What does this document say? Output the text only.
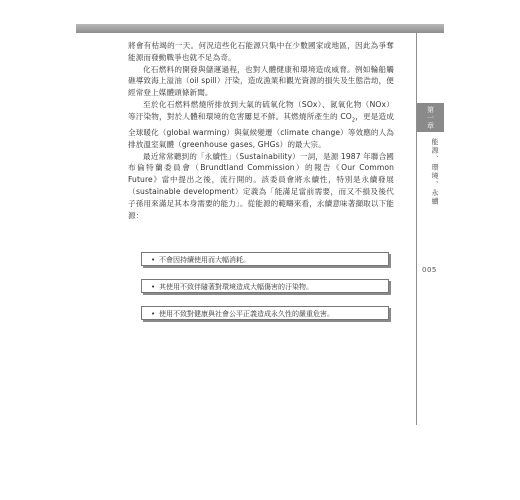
將會有枯竭的一天。何況這些化石能源只集中在少數國家或地區，因此為爭奪能源而發動戰爭也就不足為奇。

化石燃料的開發與儲運過程，也對人體健康和環境造成威脅。例如輪船觸礁導致海上溢油（oil spill）汙染，造成漁業和觀光資源的損失及生態浩劫，便經常登上媒體頭條新聞。

至於化石燃料燃燒所排放到大氣的硫氧化物（SOx）、氮氧化物（NOx）等汙染物，對於人體和環境的危害屢見不鮮。其燃燒所產生的 $CO_2$，更是造成全球暖化（global warming）與氣候變遷（climate change）等效應的人為排放溫室氣體（greenhouse gases, GHGs）的最大宗。

最近常常聽到的「永續性」（Sustainability）一詞，是源 1987 年聯合國布倫特蘭委員會（Brundtland Commission）的報告《Our Common Future》當中提出之後，流行開的。該委員會將永續性，特別是永續發展（sustainable development）定義為「能滿足當前需要，而又不損及後代子孫用來滿足其本身需要的能力」。從能源的範疇來看，永續意味著擷取以下能源：

• 不會因持續使用而大幅消耗。
• 其使用不致伴隨著對環境造成大幅傷害的汙染物。
• 使用不致對健康與社會公平正義造成永久性的嚴重危害。
第一章
能源、環境、永續
005
